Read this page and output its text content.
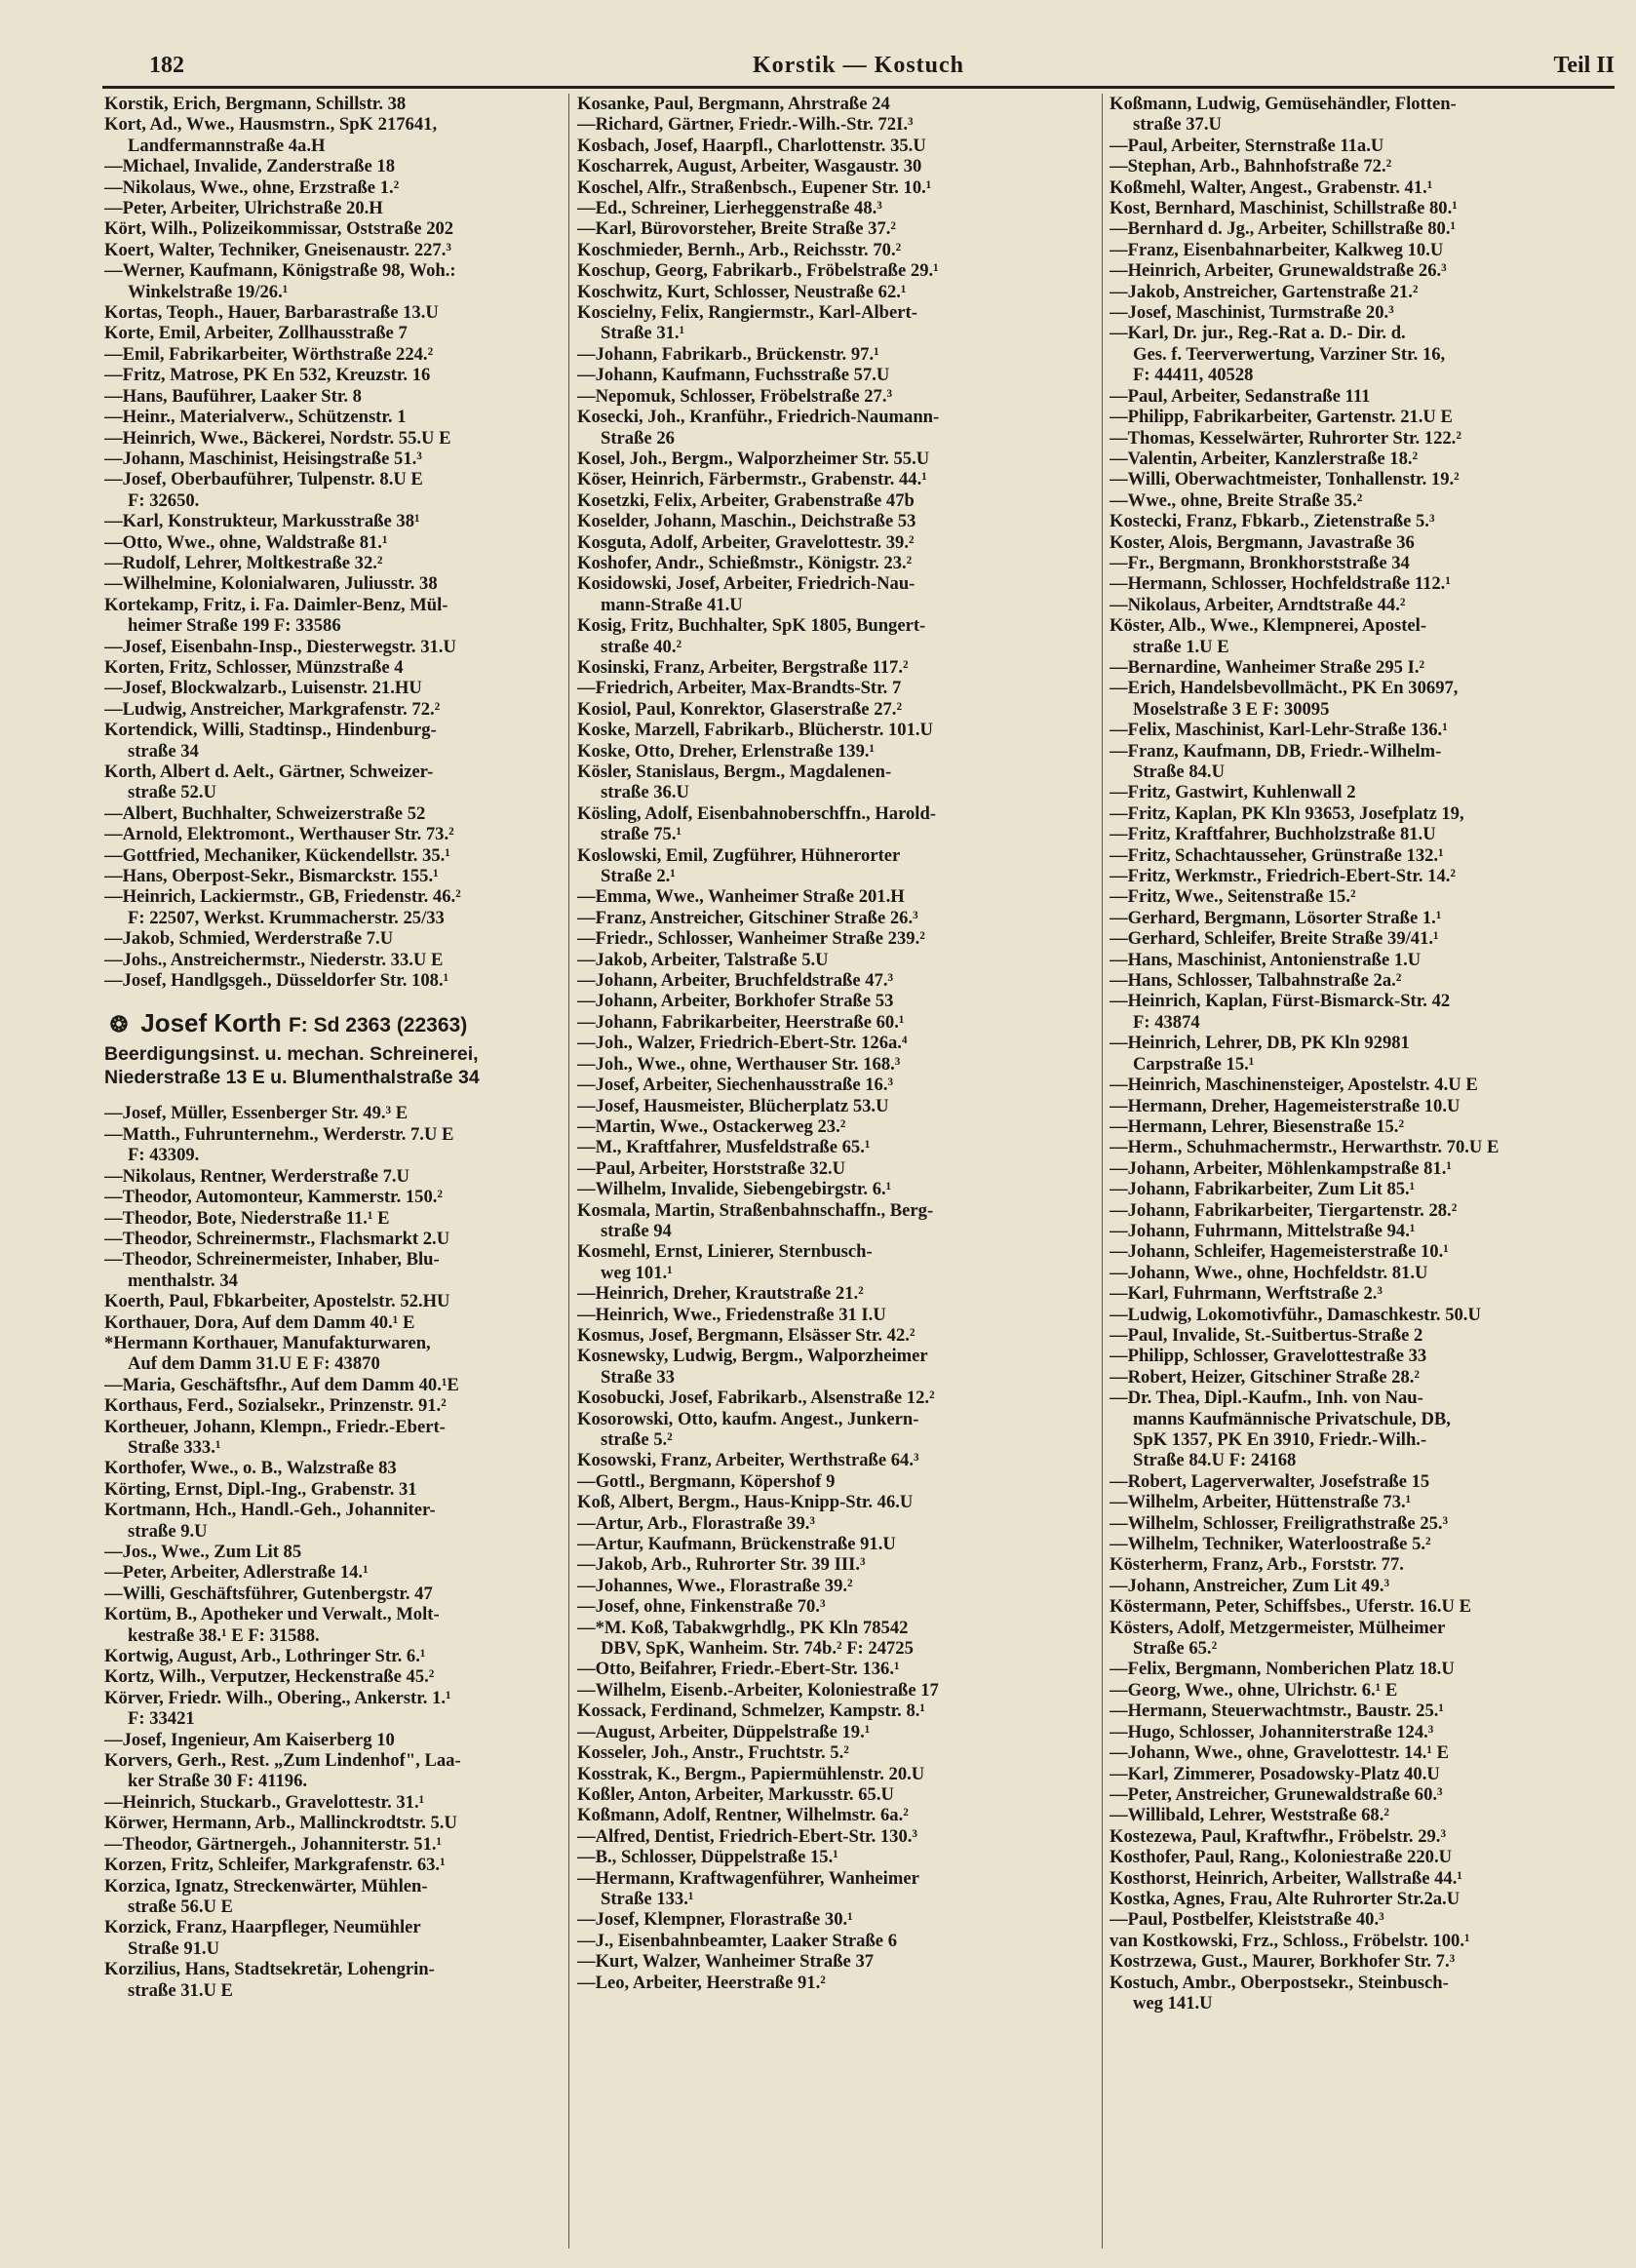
182	Korstik — Kostuch	Teil II
Korstik, Erich, Bergmann, Schillstr. 38
Kort, Ad., Wwe., Hausmstrn., SpK 217641,
Landfermannstraße 4a.H
—Michael, Invalide, Zanderstraße 18
—Nikolaus, Wwe., ohne, Erzstraße 1.²
—Peter, Arbeiter, Ulrichstraße 20.H
Kört, Wilh., Polizeikommissar, Oststraße 202
Koert, Walter, Techniker, Gneisenaustr. 227.³
—Werner, Kaufmann, Königstraße 98, Woh.:
Winkelstraße 19/26.¹
Kortas, Teoph., Hauer, Barbarastraße 13.U
Korte, Emil, Arbeiter, Zollhausstraße 7
—Emil, Fabrikarbeiter, Wörthstraße 224.²
—Fritz, Matrose, PK En 532, Kreuzstr. 16
—Hans, Bauführer, Laaker Str. 8
—Heinr., Materialverw., Schützenstr. 1
—Heinrich, Wwe., Bäckerei, Nordstr. 55.U E
—Johann, Maschinist, Heisingstraße 51.³
—Josef, Oberbauführer, Tulpenstr. 8.U E
F: 32650.
—Karl, Konstrukteur, Markusstraße 38¹
—Otto, Wwe., ohne, Waldstraße 81.¹
—Rudolf, Lehrer, Moltkestraße 32.²
—Wilhelmine, Kolonialwaren, Juliusstr. 38
Kortekamp, Fritz, i. Fa. Daimler-Benz, Mül-
heimer Straße 199 F: 33586
—Josef, Eisenbahn-Insp., Diesterwegstr. 31.U
Korten, Fritz, Schlosser, Münzstraße 4
—Josef, Blockwalzarb., Luisenstr. 21.HU
—Ludwig, Anstreicher, Markgrafenstr. 72.²
Kortendick, Willi, Stadtinsp., Hindenburg-
straße 34
Korth, Albert d. Aelt., Gärtner, Schweizer-
straße 52.U
—Albert, Buchhalter, Schweizerstraße 52
—Arnold, Elektromont., Werthauser Str. 73.²
—Gottfried, Mechaniker, Kückendellstr. 35.¹
—Hans, Oberpost-Sekr., Bismarckstr. 155.¹
—Heinrich, Lackiermstr., GB, Friedenstr. 46.²
F: 22507, Werkst. Krummacherstr. 25/33
—Jakob, Schmied, Werderstraße 7.U
—Johs., Anstreichermstr., Niederstr. 33.U E
—Josef, Handlgsgeh., Düsseldorfer Str. 108.¹
❂ Josef Korth F: Sd 2363 (22363)
Beerdigungsinst. u. mechan. Schreinerei,
Niederstraße 13 E u. Blumenthalstraße 34
—Josef, Müller, Essenberger Str. 49.³ E
—Matth., Fuhrunternehm., Werderstr. 7.U E
F: 43309.
—Nikolaus, Rentner, Werderstraße 7.U
—Theodor, Automonteur, Kammerstr. 150.²
—Theodor, Bote, Niederstraße 11.¹ E
—Theodor, Schreinermstr., Flachsmarkt 2.U
—Theodor, Schreinermeister, Inhaber, Blu-
menthalstr. 34
Koerth, Paul, Fbkarbeiter, Apostelstr. 52.HU
Korthauer, Dora, Auf dem Damm 40.¹ E
*Hermann Korthauer, Manufakturwaren,
Auf dem Damm 31.U E F: 43870
—Maria, Geschäftsfhr., Auf dem Damm 40.¹E
Korthaus, Ferd., Sozialsekr., Prinzenstr. 91.²
Kortheuer, Johann, Klempn., Friedr.-Ebert-
Straße 333.¹
Korthofer, Wwe., o. B., Walzstraße 83
Körting, Ernst, Dipl.-Ing., Grabenstr. 31
Kortmann, Hch., Handl.-Geh., Johanniter-
straße 9.U
—Jos., Wwe., Zum Lit 85
—Peter, Arbeiter, Adlerstraße 14.¹
—Willi, Geschäftsführer, Gutenbergstr. 47
Kortüm, B., Apotheker und Verwalt., Molt-
kestraße 38.¹ E F: 31588.
Kortwig, August, Arb., Lothringer Str. 6.¹
Kortz, Wilh., Verputzer, Heckenstraße 45.²
Körver, Friedr. Wilh., Obering., Ankerstr. 1.¹
F: 33421
—Josef, Ingenieur, Am Kaiserberg 10
Korvers, Gerh., Rest. „Zum Lindenhof", Laa-
ker Straße 30 F: 41196.
—Heinrich, Stuckarb., Gravelottestr. 31.¹
Körwer, Hermann, Arb., Mallinckrodtstr. 5.U
—Theodor, Gärtnergeh., Johanniterstr. 51.¹
Korzen, Fritz, Schleifer, Markgrafenstr. 63.¹
Korzica, Ignatz, Streckenwärter, Mühlen-
straße 56.U E
Korzick, Franz, Haarpfleger, Neumühler
Straße 91.U
Korzilius, Hans, Stadtsekretär, Lohengrin-
straße 31.U E
Kosanke, Paul, Bergmann, Ahrstraße 24
—Richard, Gärtner, Friedr.-Wilh.-Str. 72I.³
Kosbach, Josef, Haarpfl., Charlottenstr. 35.U
Koscharrek, August, Arbeiter, Wasgaustr. 30
Koschel, Alfr., Straßenbsch., Eupener Str. 10.¹
—Ed., Schreiner, Lierheggenstraße 48.³
—Karl, Bürovorsteher, Breite Straße 37.²
Koschmieder, Bernh., Arb., Reichsstr. 70.²
Koschup, Georg, Fabrikarb., Fröbelstraße 29.¹
Koschwitz, Kurt, Schlosser, Neustraße 62.¹
Koscielny, Felix, Rangiermstr., Karl-Albert-
Straße 31.¹
—Johann, Fabrikarb., Brückenstr. 97.¹
—Johann, Kaufmann, Fuchsstraße 57.U
—Nepomuk, Schlosser, Fröbelstraße 27.³
Kosecki, Joh., Kranführ., Friedrich-Naumann-
Straße 26
Kosel, Joh., Bergm., Walporzheimer Str. 55.U
Köser, Heinrich, Färbermstr., Grabenstr. 44.¹
Kosetzki, Felix, Arbeiter, Grabenstraße 47b
Koselder, Johann, Maschin., Deichstraße 53
Kosguta, Adolf, Arbeiter, Gravelottestr. 39.²
Koshofer, Andr., Schießmstr., Königstr. 23.²
Kosidowski, Josef, Arbeiter, Friedrich-Nau-
mann-Straße 41.U
Kosig, Fritz, Buchhalter, SpK 1805, Bungert-
straße 40.²
Kosinski, Franz, Arbeiter, Bergstraße 117.²
—Friedrich, Arbeiter, Max-Brandts-Str. 7
Kosiol, Paul, Konrektor, Glaserstraße 27.²
Koske, Marzell, Fabrikarb., Blücherstr. 101.U
Koske, Otto, Dreher, Erlenstraße 139.¹
Kösler, Stanislaus, Bergm., Magdalenen-
straße 36.U
Kösling, Adolf, Eisenbahnoberschffn., Harold-
straße 75.¹
Koslowski, Emil, Zugführer, Hühnerorter
Straße 2.¹
—Emma, Wwe., Wanheimer Straße 201.H
—Franz, Anstreicher, Gitschiner Straße 26.³
—Friedr., Schlosser, Wanheimer Straße 239.²
—Jakob, Arbeiter, Talstraße 5.U
—Johann, Arbeiter, Bruchfeldstraße 47.³
—Johann, Arbeiter, Borkhofer Straße 53
—Johann, Fabrikarbeiter, Heerstraße 60.¹
—Joh., Walzer, Friedrich-Ebert-Str. 126a.⁴
—Joh., Wwe., ohne, Werthauser Str. 168.³
—Josef, Arbeiter, Siechenhausstraße 16.³
—Josef, Hausmeister, Blücherplatz 53.U
—Martin, Wwe., Ostackerweg 23.²
—M., Kraftfahrer, Musfeldstraße 65.¹
—Paul, Arbeiter, Horststraße 32.U
—Wilhelm, Invalide, Siebengebirgstr. 6.¹
Kosmala, Martin, Straßenbahnschaffn., Berg-
straße 94
Kosmehl, Ernst, Linierer, Sternbusch-
weg 101.¹
—Heinrich, Dreher, Krautstraße 21.²
—Heinrich, Wwe., Friedenstraße 31 I.U
Kosmus, Josef, Bergmann, Elsässer Str. 42.²
Kosnewsky, Ludwig, Bergm., Walporzheimer
Straße 33
Kosobucki, Josef, Fabrikarb., Alsenstraße 12.²
Kosorowski, Otto, kaufm. Angest., Junkern-
straße 5.²
Kosowski, Franz, Arbeiter, Werthstraße 64.³
—Gottl., Bergmann, Köpershof 9
Koß, Albert, Bergm., Haus-Knipp-Str. 46.U
—Artur, Arb., Florastraße 39.³
—Artur, Kaufmann, Brückenstraße 91.U
—Jakob, Arb., Ruhrorter Str. 39 III.³
—Johannes, Wwe., Florastraße 39.²
—Josef, ohne, Finkenstraße 70.³
—*M. Koß, Tabakwgrhdlg., PK Kln 78542
DBV, SpK, Wanheim. Str. 74b.² F: 24725
—Otto, Beifahrer, Friedr.-Ebert-Str. 136.¹
—Wilhelm, Eisenb.-Arbeiter, Koloniestraße 17
Kossack, Ferdinand, Schmelzer, Kampstr. 8.¹
—August, Arbeiter, Düppelstraße 19.¹
Kosseler, Joh., Anstr., Fruchtstr. 5.²
Kosstrak, K., Bergm., Papiermühlenstr. 20.U
Koßler, Anton, Arbeiter, Markusstr. 65.U
Koßmann, Adolf, Rentner, Wilhelmstr. 6a.²
—Alfred, Dentist, Friedrich-Ebert-Str. 130.³
—B., Schlosser, Düppelstraße 15.¹
—Hermann, Kraftwagenführer, Wanheimer
Straße 133.¹
—Josef, Klempner, Florastraße 30.¹
—J., Eisenbahnbeamter, Laaker Straße 6
—Kurt, Walzer, Wanheimer Straße 37
—Leo, Arbeiter, Heerstraße 91.²
Koßmann, Ludwig, Gemüsehändler, Flotten-
straße 37.U
—Paul, Arbeiter, Sternstraße 11a.U
—Stephan, Arb., Bahnhofstraße 72.²
Koßmehl, Walter, Angest., Grabenstr. 41.¹
Kost, Bernhard, Maschinist, Schillstraße 80.¹
—Bernhard d. Jg., Arbeiter, Schillstraße 80.¹
—Franz, Eisenbahnarbeiter, Kalkweg 10.U
—Heinrich, Arbeiter, Grunewaldstraße 26.³
—Jakob, Anstreicher, Gartenstraße 21.²
—Josef, Maschinist, Turmstraße 20.³
—Karl, Dr. jur., Reg.-Rat a. D.- Dir. d.
Ges. f. Teerverwertung, Varziner Str. 16,
F: 44411, 40528
—Paul, Arbeiter, Sedanstraße 111
—Philipp, Fabrikarbeiter, Gartenstr. 21.U E
—Thomas, Kesselwärter, Ruhrorter Str. 122.²
—Valentin, Arbeiter, Kanzlerstraße 18.²
—Willi, Oberwachtmeister, Tonhallenstr. 19.²
—Wwe., ohne, Breite Straße 35.²
Kostecki, Franz, Fbkarb., Zietenstraße 5.³
Koster, Alois, Bergmann, Javastraße 36
—Fr., Bergmann, Bronkhorststraße 34
—Hermann, Schlosser, Hochfeldstraße 112.¹
—Nikolaus, Arbeiter, Arndtstraße 44.²
Köster, Alb., Wwe., Klempnerei, Apostel-
straße 1.U E
—Bernardine, Wanheimer Straße 295 I.²
—Erich, Handelsbevollmächt., PK En 30697,
Moselstraße 3 E F: 30095
—Felix, Maschinist, Karl-Lehr-Straße 136.¹
—Franz, Kaufmann, DB, Friedr.-Wilhelm-
Straße 84.U
—Fritz, Gastwirt, Kuhlenwall 2
—Fritz, Kaplan, PK Kln 93653, Josefplatz 19,
—Fritz, Kraftfahrer, Buchholzstraße 81.U
—Fritz, Schachtausseher, Grünstraße 132.¹
—Fritz, Werkmstr., Friedrich-Ebert-Str. 14.²
—Fritz, Wwe., Seitenstraße 15.²
—Gerhard, Bergmann, Lösorter Straße 1.¹
—Gerhard, Schleifer, Breite Straße 39/41.¹
—Hans, Maschinist, Antonienstraße 1.U
—Hans, Schlosser, Talbahnstraße 2a.²
—Heinrich, Kaplan, Fürst-Bismarck-Str. 42
F: 43874
—Heinrich, Lehrer, DB, PK Kln 92981
Carpstraße 15.¹
—Heinrich, Maschinensteiger, Apostelstr. 4.U E
—Hermann, Dreher, Hagemeisterstraße 10.U
—Hermann, Lehrer, Biesenstraße 15.²
—Herm., Schuhmachermstr., Herwarthstr. 70.U E
—Johann, Arbeiter, Möhlenkampstraße 81.¹
—Johann, Fabrikarbeiter, Zum Lit 85.¹
—Johann, Fabrikarbeiter, Tiergartenstr. 28.²
—Johann, Fuhrmann, Mittelstraße 94.¹
—Johann, Schleifer, Hagemeisterstraße 10.¹
—Johann, Wwe., ohne, Hochfeldstr. 81.U
—Karl, Fuhrmann, Werftstraße 2.³
—Ludwig, Lokomotivführ., Damaschkestr. 50.U
—Paul, Invalide, St.-Suitbertus-Straße 2
—Philipp, Schlosser, Gravelottestraße 33
—Robert, Heizer, Gitschiner Straße 28.²
—Dr. Thea, Dipl.-Kaufm., Inh. von Nau-
manns Kaufmännische Privatschule, DB,
SpK 1357, PK En 3910, Friedr.-Wilh.-
Straße 84.U F: 24168
—Robert, Lagerverwalter, Josefstraße 15
—Wilhelm, Arbeiter, Hüttenstraße 73.¹
—Wilhelm, Schlosser, Freiligrathstraße 25.³
—Wilhelm, Techniker, Waterloostraße 5.²
Kösterherm, Franz, Arb., Forststr. 77.
—Johann, Anstreicher, Zum Lit 49.³
Köstermann, Peter, Schiffsbes., Uferstr. 16.U E
Kösters, Adolf, Metzgermeister, Mülheimer
Straße 65.²
—Felix, Bergmann, Nomberichen Platz 18.U
—Georg, Wwe., ohne, Ulrichstr. 6.¹ E
—Hermann, Steuerwachtmstr., Baustr. 25.¹
—Hugo, Schlosser, Johanniterstraße 124.³
—Johann, Wwe., ohne, Gravelottestr. 14.¹ E
—Karl, Zimmerer, Posadowsky-Platz 40.U
—Peter, Anstreicher, Grunewaldstraße 60.³
—Willibald, Lehrer, Weststraße 68.²
Kostezewa, Paul, Kraftwfhr., Fröbelstr. 29.³
Kosthofer, Paul, Rang., Koloniestraße 220.U
Kosthorst, Heinrich, Arbeiter, Wallstraße 44.¹
Kostka, Agnes, Frau, Alte Ruhrorter Str.2a.U
—Paul, Postbelfer, Kleiststraße 40.³
van Kostkowski, Frz., Schloss., Fröbelstr. 100.¹
Kostrzewa, Gust., Maurer, Borkhofer Str. 7.³
Kostuch, Ambr., Oberpostsekr., Steinbusch-
weg 141.U
